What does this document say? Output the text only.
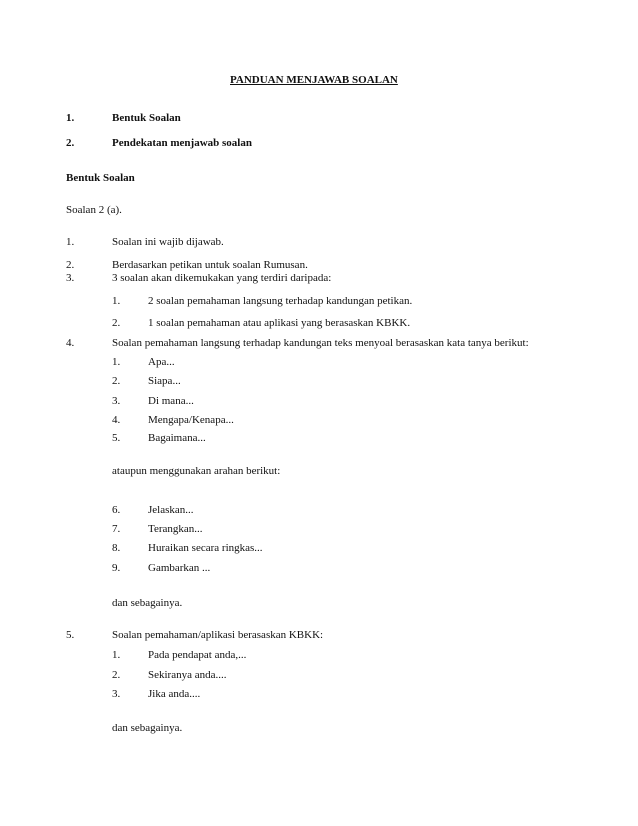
PANDUAN MENJAWAB SOALAN
1.	Bentuk Soalan
2.	Pendekatan menjawab soalan
Bentuk Soalan
Soalan 2 (a).
1.	Soalan ini wajib dijawab.
2.	Berdasarkan petikan untuk soalan Rumusan.
3.	3 soalan akan dikemukakan yang terdiri daripada:
1.	2 soalan pemahaman langsung terhadap kandungan petikan.
2.	1 soalan pemahaman atau aplikasi yang berasaskan KBKK.
4.	Soalan pemahaman langsung terhadap kandungan teks menyoal berasaskan kata tanya berikut:
1.	Apa...
2.	Siapa...
3.	Di mana...
4.	Mengapa/Kenapa...
5.	Bagaimana...
ataupun menggunakan arahan berikut:
6.	Jelaskan...
7.	Terangkan...
8.	Huraikan secara ringkas...
9.	Gambarkan ...
dan sebagainya.
5.	Soalan pemahaman/aplikasi berasaskan KBKK:
1.	Pada pendapat anda,...
2.	Sekiranya anda....
3.	Jika anda....
dan sebagainya.
